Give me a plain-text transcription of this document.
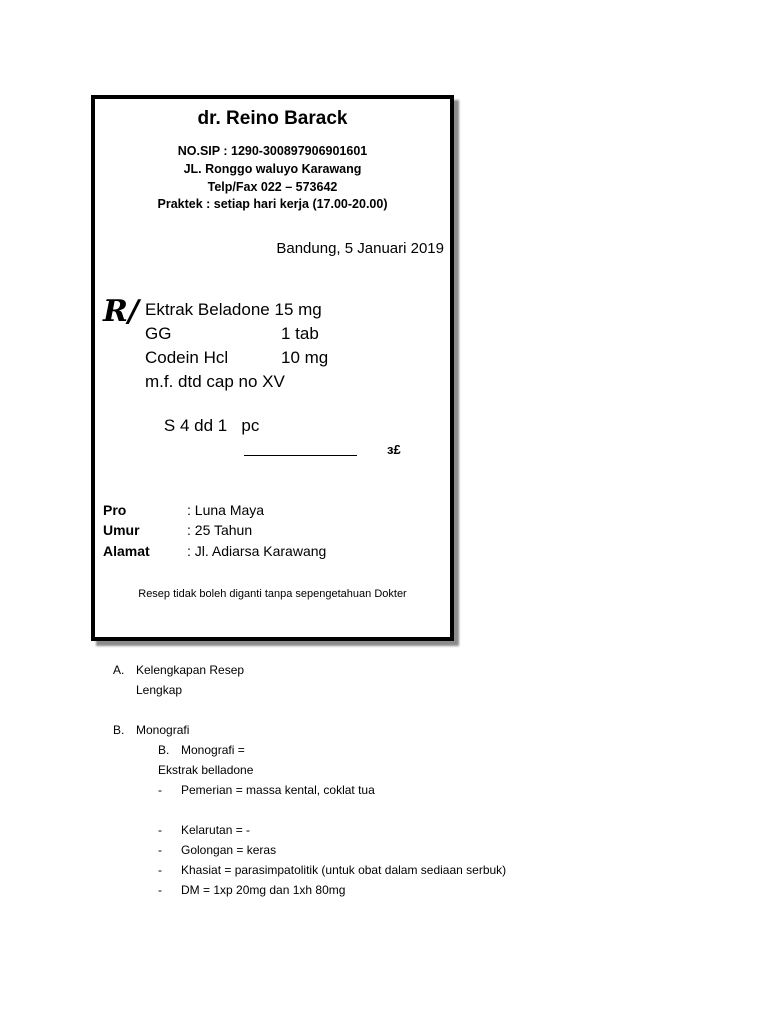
dr. Reino Barack
NO.SIP : 1290-300897906901601
JL. Ronggo waluyo Karawang
Telp/Fax 022 – 573642
Praktek : setiap hari kerja (17.00-20.00)
Bandung, 5 Januari 2019
R/ Ektrak Beladone 15 mg
GG	1 tab
Codein Hcl	10 mg
m.f. dtd cap no XV

S 4 dd 1   pc

ɜ£
Pro	: Luna Maya
Umur	: 25 Tahun
Alamat	: Jl. Adiarsa Karawang
Resep tidak boleh diganti tanpa sepengetahuan Dokter
A. Kelengkapan Resep
Lengkap
B. Monografi
B. Monografi =
Ekstrak belladone
- Pemerian = massa kental, coklat tua
- Kelarutan = -
- Golongan = keras
- Khasiat = parasimpatolitik (untuk obat dalam sediaan serbuk)
- DM = 1xp 20mg dan 1xh 80mg
